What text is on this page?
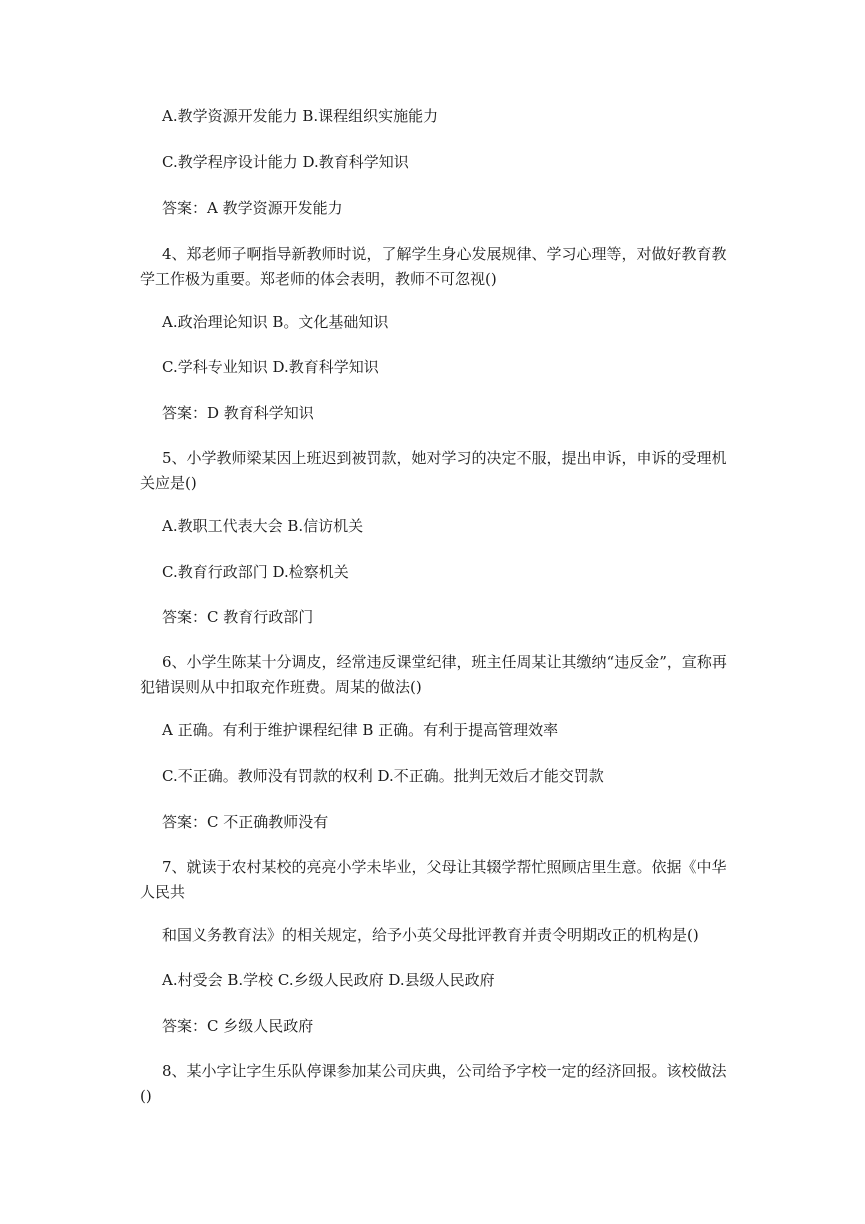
A.教学资源开发能力 B.课程组织实施能力

C.教学程序设计能力 D.教育科学知识

答案：A 教学资源开发能力

4、郑老师子啊指导新教师时说，了解学生身心发展规律、学习心理等，对做好教育教学工作极为重要。郑老师的体会表明，教师不可忽视()

A.政治理论知识 B。文化基础知识

C.学科专业知识 D.教育科学知识

答案：D 教育科学知识

5、小学教师梁某因上班迟到被罚款，她对学习的决定不服，提出申诉，申诉的受理机关应是()

A.教职工代表大会 B.信访机关

C.教育行政部门 D.检察机关

答案：C 教育行政部门

6、小学生陈某十分调皮，经常违反课堂纪律，班主任周某让其缴纳“违反金”，宣称再犯错误则从中扣取充作班费。周某的做法()

A 正确。有利于维护课程纪律 B 正确。有利于提高管理效率

C.不正确。教师没有罚款的权利 D.不正确。批判无效后才能交罚款

答案：C 不正确教师没有

7、就读于农村某校的亮亮小学未毕业，父母让其辍学帮忙照顾店里生意。依据《中华人民共

和国义务教育法》的相关规定，给予小英父母批评教育并责令明期改正的机构是()

A.村受会 B.学校 C.乡级人民政府 D.县级人民政府

答案：C 乡级人民政府

8、某小字让字生乐队停课参加某公司庆典，公司给予字校一定的经济回报。该校做法()
